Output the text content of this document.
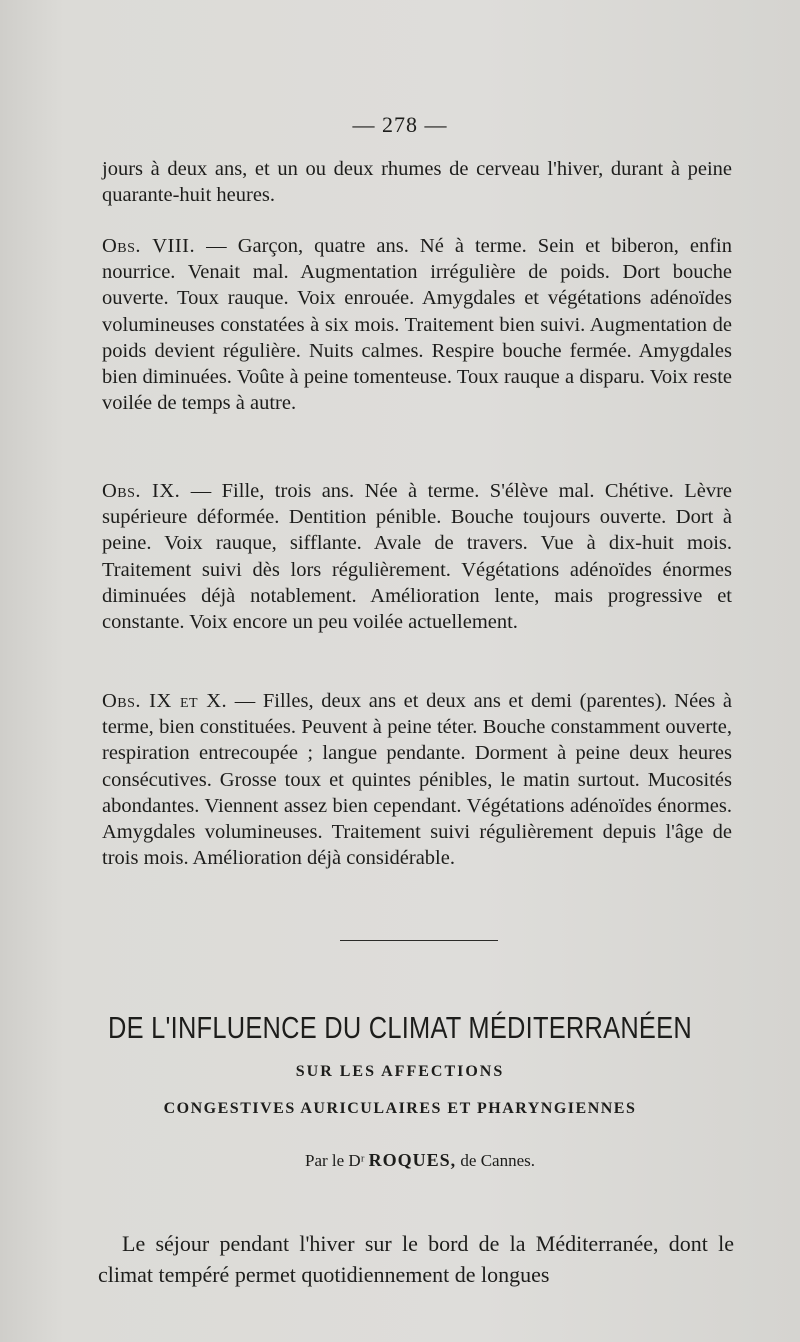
— 278 —

jours à deux ans, et un ou deux rhumes de cerveau l'hiver, durant à peine quarante-huit heures.

Obs. VIII. — Garçon, quatre ans. Né à terme. Sein et biberon, enfin nourrice. Venait mal. Augmentation irrégulière de poids. Dort bouche ouverte. Toux rauque. Voix enrouée. Amygdales et végétations adénoïdes volumineuses constatées à six mois. Traitement bien suivi. Augmentation de poids devient régulière. Nuits calmes. Respire bouche fermée. Amygdales bien diminuées. Voûte à peine tomenteuse. Toux rauque a disparu. Voix reste voilée de temps à autre.

Obs. IX. — Fille, trois ans. Née à terme. S'élève mal. Chétive. Lèvre supérieure déformée. Dentition pénible. Bouche toujours ouverte. Dort à peine. Voix rauque, sifflante. Avale de travers. Vue à dix-huit mois. Traitement suivi dès lors régulièrement. Végétations adénoïdes énormes diminuées déjà notablement. Amélioration lente, mais progressive et constante. Voix encore un peu voilée actuellement.

Obs. IX et X. — Filles, deux ans et deux ans et demi (parentes). Nées à terme, bien constituées. Peuvent à peine téter. Bouche constamment ouverte, respiration entrecoupée ; langue pendante. Dorment à peine deux heures consécutives. Grosse toux et quintes pénibles, le matin surtout. Mucosités abondantes. Viennent assez bien cependant. Végétations adénoïdes énormes. Amygdales volumineuses. Traitement suivi régulièrement depuis l'âge de trois mois. Amélioration déjà considérable.

DE L'INFLUENCE DU CLIMAT MÉDITERRANÉEN
SUR LES AFFECTIONS
CONGESTIVES AURICULAIRES ET PHARYNGIENNES
Par le Dʳ ROQUES, de Cannes.

Le séjour pendant l'hiver sur le bord de la Méditerranée, dont le climat tempéré permet quotidiennement de longues
